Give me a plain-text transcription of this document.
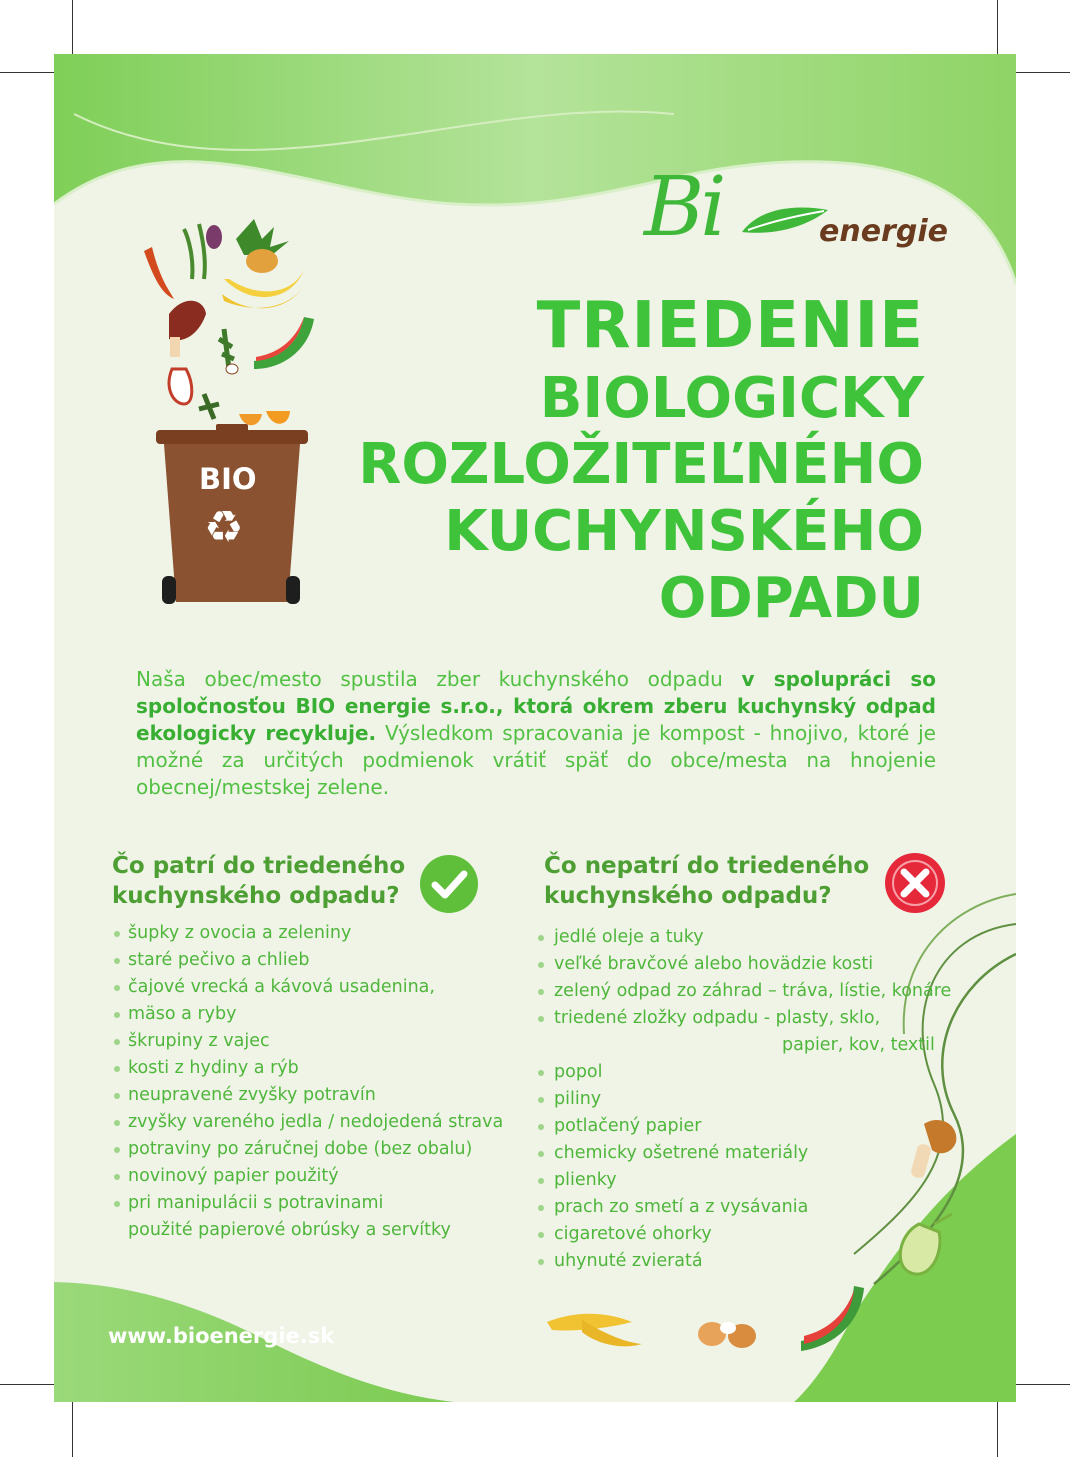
Bi	energie
TRIEDENIE
BIOLOGICKY
ROZLOŽITEĽNÉHO
KUCHYNSKÉHO
ODPADU
BIO
♻

Naša obec/mesto spustila zber kuchynského odpadu v spolupráci so spoločnosťou BIO energie s.r.o., ktorá okrem zberu kuchynský odpad ekologicky recykluje. Výsledkom spracovania je kompost - hnojivo, ktoré je možné za určitých podmienok vrátiť späť do obce/mesta na hnojenie obecnej/mestskej zelene.

Čo patrí do triedeného kuchynského odpadu?
šupky z ovocia a zeleniny
staré pečivo a chlieb
čajové vrecká a kávová usadenina,
mäso a ryby
škrupiny z vajec
kosti z hydiny a rýb
neupravené zvyšky potravín
zvyšky vareného jedla / nedojedená strava
potraviny po záručnej dobe (bez obalu)
novinový papier použitý
pri manipulácii s potravinami
použité papierové obrúsky a servítky
Čo nepatrí do triedeného kuchynského odpadu?
jedlé oleje a tuky
veľké bravčové alebo hovädzie kosti
zelený odpad zo záhrad – tráva, lístie, konáre
triedené zložky odpadu - plasty, sklo,
papier, kov, textil
popol
piliny
potlačený papier
chemicky ošetrené materiály
plienky
prach zo smetí a z vysávania
cigaretové ohorky
uhynuté zvieratá
www.bioenergie.sk
